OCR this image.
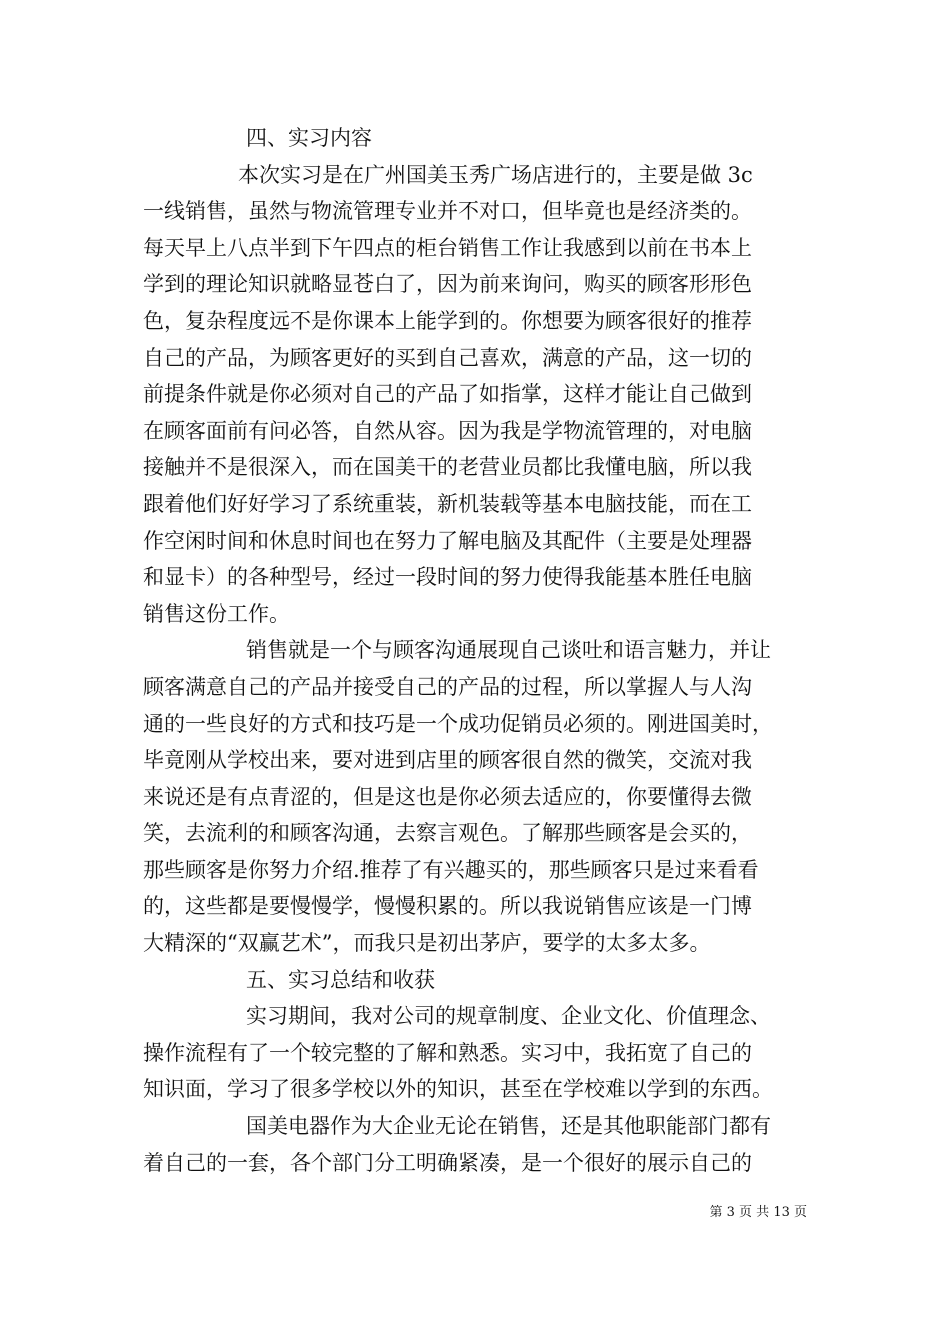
四、实习内容
本次实习是在广州国美玉秀广场店进行的，主要是做 3c
一线销售，虽然与物流管理专业并不对口，但毕竟也是经济类的。
每天早上八点半到下午四点的柜台销售工作让我感到以前在书本上
学到的理论知识就略显苍白了，因为前来询问，购买的顾客形形色
色，复杂程度远不是你课本上能学到的。你想要为顾客很好的推荐
自己的产品，为顾客更好的买到自己喜欢，满意的产品，这一切的
前提条件就是你必须对自己的产品了如指掌，这样才能让自己做到
在顾客面前有问必答，自然从容。因为我是学物流管理的，对电脑
接触并不是很深入，而在国美干的老营业员都比我懂电脑，所以我
跟着他们好好学习了系统重装，新机装载等基本电脑技能，而在工
作空闲时间和休息时间也在努力了解电脑及其配件（主要是处理器
和显卡）的各种型号，经过一段时间的努力使得我能基本胜任电脑
销售这份工作。
销售就是一个与顾客沟通展现自己谈吐和语言魅力，并让
顾客满意自己的产品并接受自己的产品的过程，所以掌握人与人沟
通的一些良好的方式和技巧是一个成功促销员必须的。刚进国美时，
毕竟刚从学校出来，要对进到店里的顾客很自然的微笑，交流对我
来说还是有点青涩的，但是这也是你必须去适应的，你要懂得去微
笑，去流利的和顾客沟通，去察言观色。了解那些顾客是会买的，
那些顾客是你努力介绍.推荐了有兴趣买的，那些顾客只是过来看看
的，这些都是要慢慢学，慢慢积累的。所以我说销售应该是一门博
大精深的“双赢艺术”，而我只是初出茅庐，要学的太多太多。
五、实习总结和收获
实习期间，我对公司的规章制度、企业文化、价值理念、
操作流程有了一个较完整的了解和熟悉。实习中，我拓宽了自己的
知识面，学习了很多学校以外的知识，甚至在学校难以学到的东西。
国美电器作为大企业无论在销售，还是其他职能部门都有
着自己的一套，各个部门分工明确紧凑，是一个很好的展示自己的
第 3 页 共 13 页
